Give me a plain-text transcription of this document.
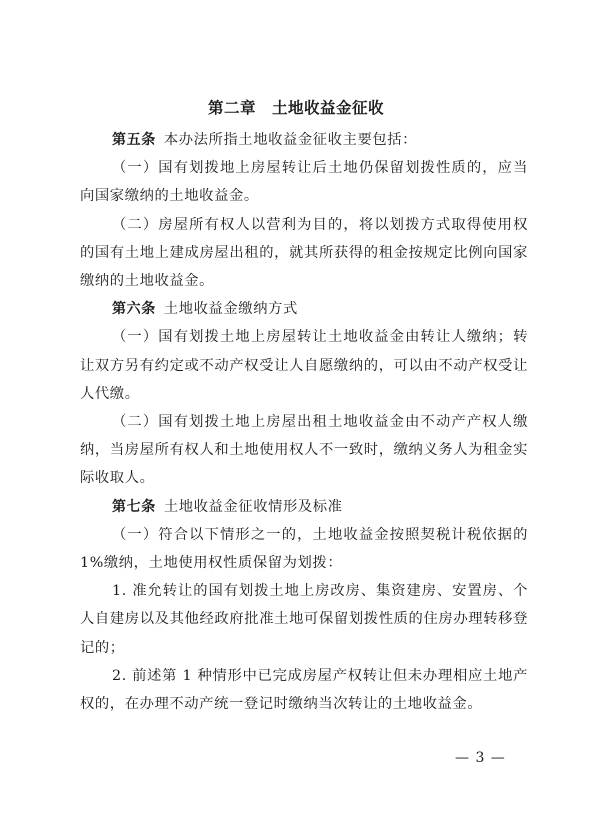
第二章　土地收益金征收

第五条 本办法所指土地收益金征收主要包括：

（一）国有划拨地上房屋转让后土地仍保留划拨性质的，应当向国家缴纳的土地收益金。

（二）房屋所有权人以营利为目的，将以划拨方式取得使用权的国有土地上建成房屋出租的，就其所获得的租金按规定比例向国家缴纳的土地收益金。

第六条 土地收益金缴纳方式

（一）国有划拨土地上房屋转让土地收益金由转让人缴纳；转让双方另有约定或不动产权受让人自愿缴纳的，可以由不动产权受让人代缴。

（二）国有划拨土地上房屋出租土地收益金由不动产产权人缴纳，当房屋所有权人和土地使用权人不一致时，缴纳义务人为租金实际收取人。

第七条 土地收益金征收情形及标准

（一）符合以下情形之一的，土地收益金按照契税计税依据的 1%缴纳，土地使用权性质保留为划拨：

1. 准允转让的国有划拨土地上房改房、集资建房、安置房、个人自建房以及其他经政府批准土地可保留划拨性质的住房办理转移登记的；

2. 前述第 1 种情形中已完成房屋产权转让但未办理相应土地产权的，在办理不动产统一登记时缴纳当次转让的土地收益金。

— 3 —
